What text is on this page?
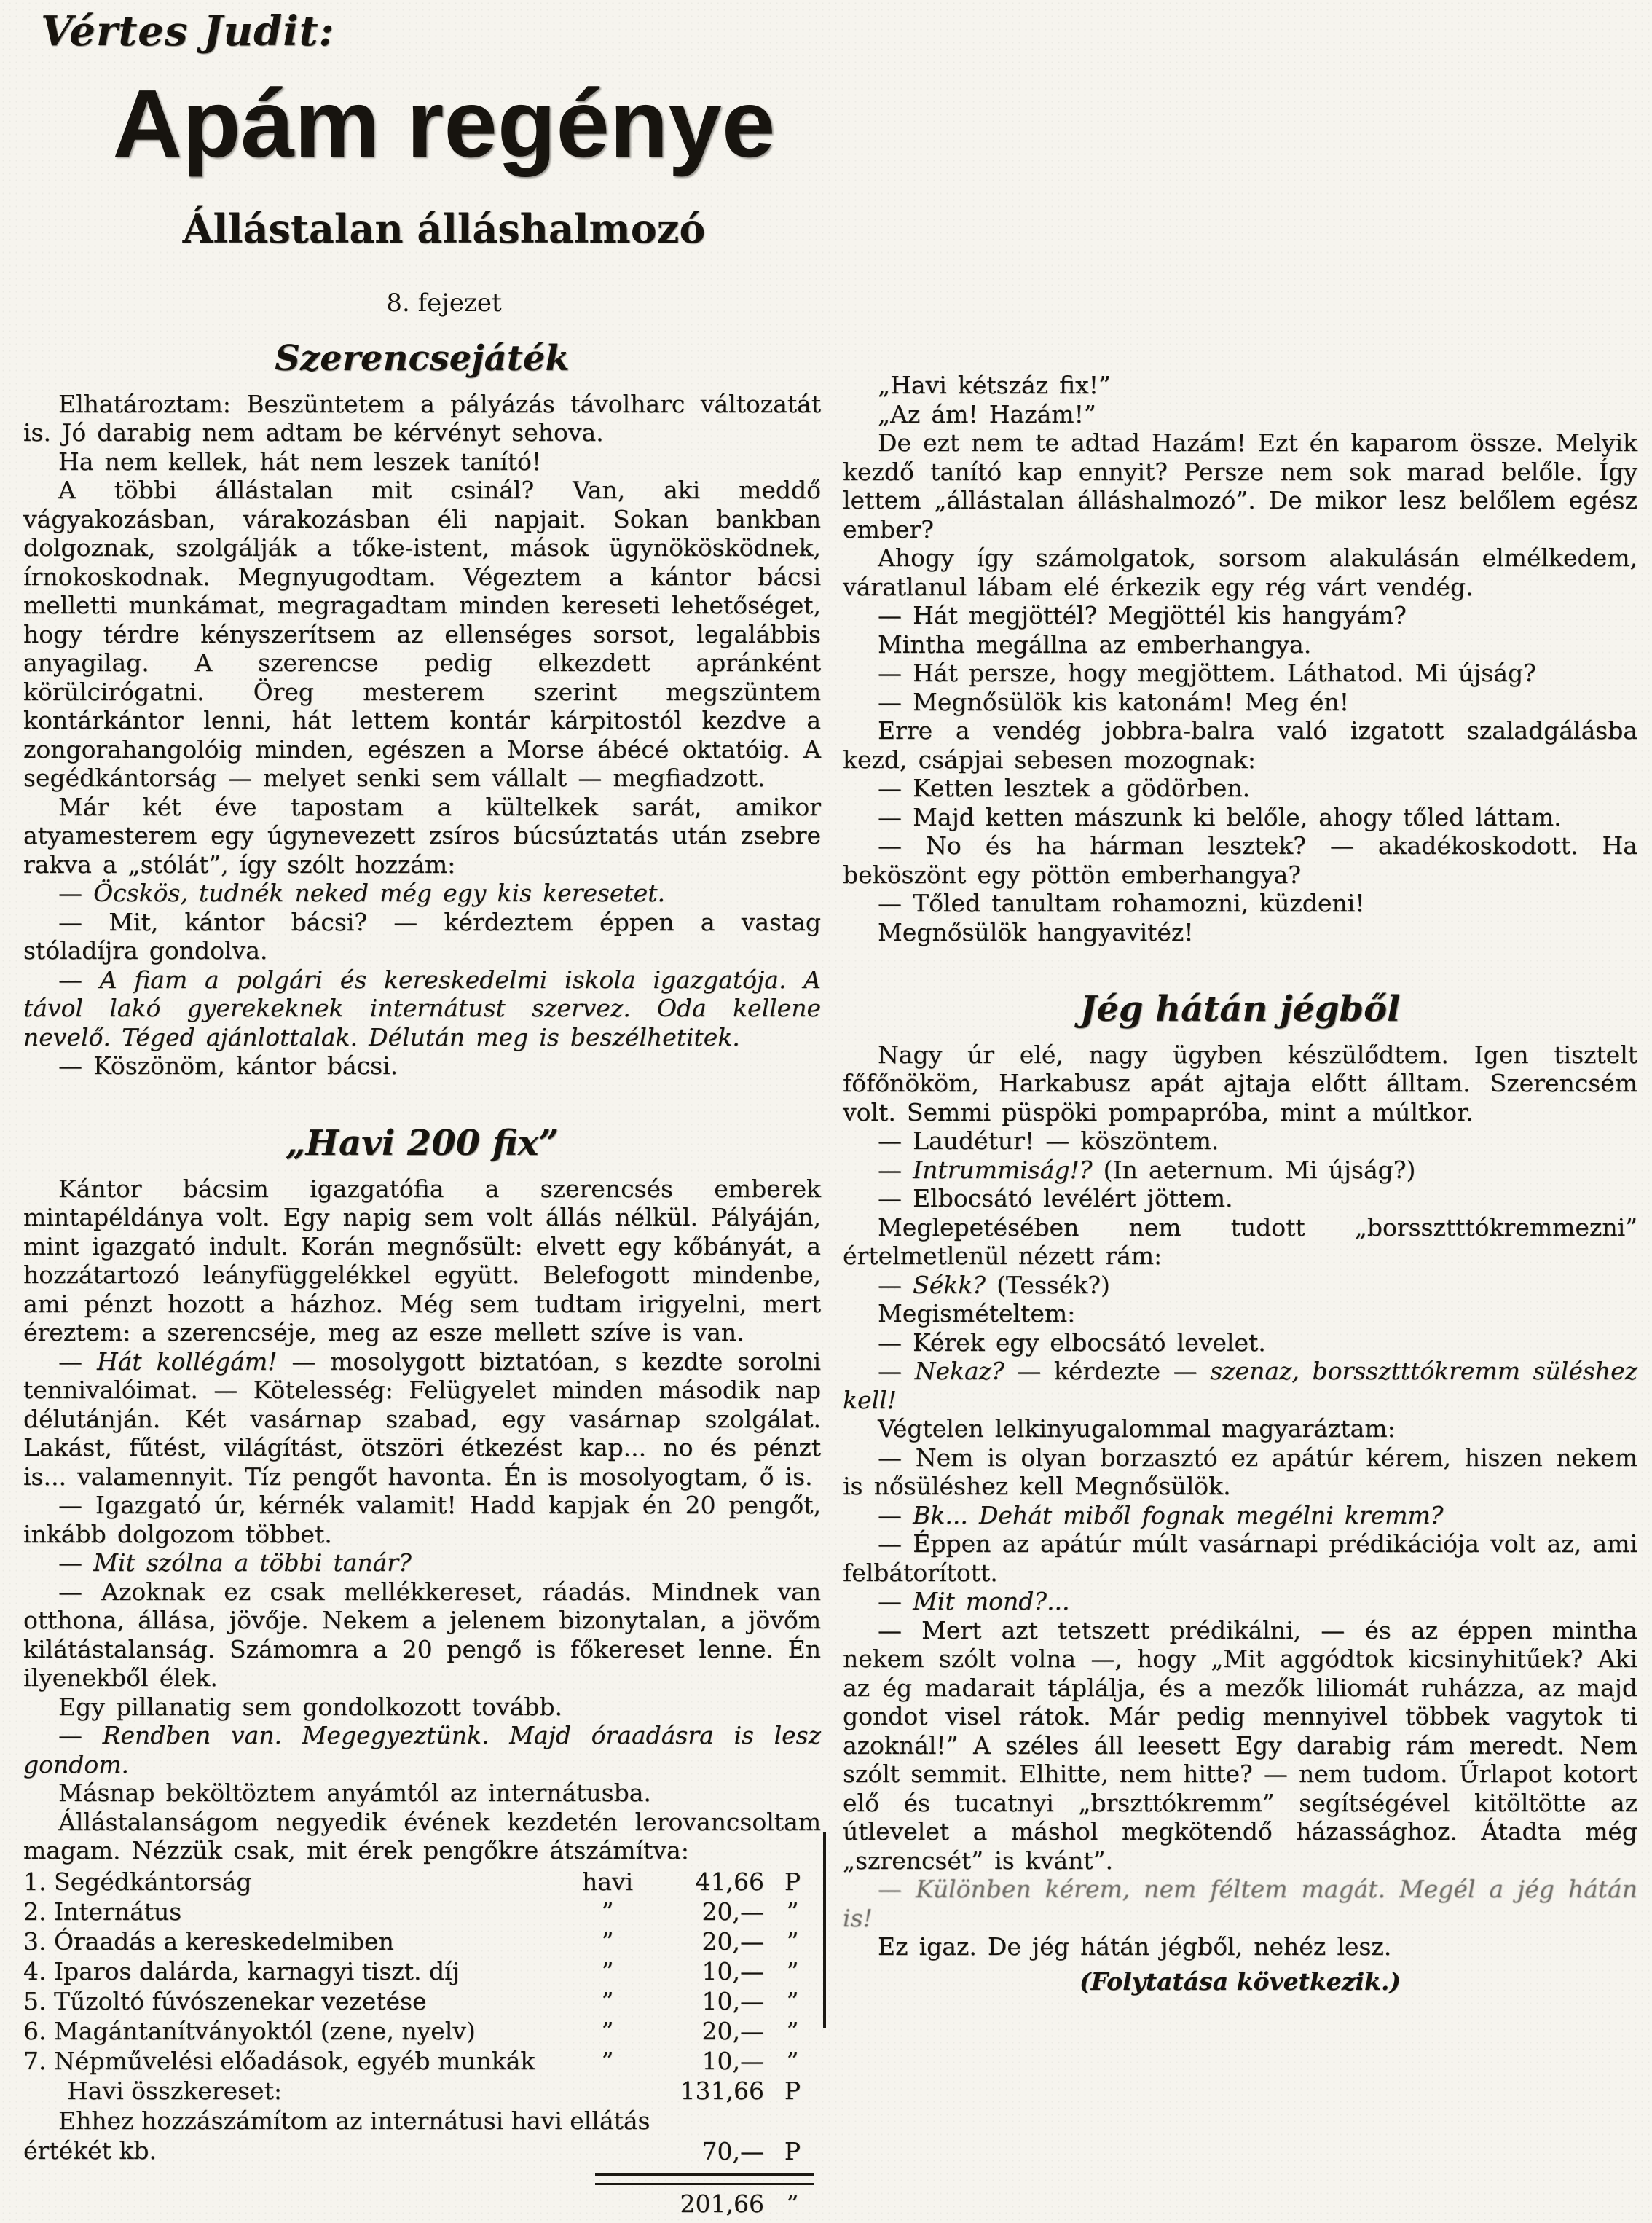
Vértes Judit:
Apám regénye
Állástalan álláshalmozó
8. fejezet
Szerencsejáték

Elhatároztam: Beszüntetem a pályázás távolharc változatát is. Jó darabig nem adtam be kérvényt sehova.

Ha nem kellek, hát nem leszek tanító!

A többi állástalan mit csinál? Van, aki meddő vágyakozásban, várakozásban éli napjait. Sokan bankban dolgoznak, szolgálják a tőke-istent, mások ügynökösködnek, írnokoskodnak. Megnyugodtam. Végeztem a kántor bácsi melletti munkámat, megragadtam minden kereseti lehetőséget, hogy térdre kényszerítsem az ellenséges sorsot, legalábbis anyagilag. A szerencse pedig elkezdett apránként körülcirógatni. Öreg mesterem szerint megszüntem kontárkántor lenni, hát lettem kontár kárpitostól kezdve a zongorahangolóig minden, egészen a Morse ábécé oktatóig. A segédkántorság — melyet senki sem vállalt — megfiadzott.

Már két éve tapostam a kültelkek sarát, amikor atyamesterem egy úgynevezett zsíros búcsúztatás után zsebre rakva a „stólát”, így szólt hozzám:

— Öcskös, tudnék neked még egy kis keresetet.

— Mit, kántor bácsi? — kérdeztem éppen a vastag stóladíjra gondolva.

— A fiam a polgári és kereskedelmi iskola igazgatója. A távol lakó gyerekeknek internátust szervez. Oda kellene nevelő. Téged ajánlottalak. Délután meg is beszélhetitek.

— Köszönöm, kántor bácsi.

„Havi 200 fix”

Kántor bácsim igazgatófia a szerencsés emberek mintapéldánya volt. Egy napig sem volt állás nélkül. Pályáján, mint igazgató indult. Korán megnősült: elvett egy kőbányát, a hozzátartozó leányfüggelékkel együtt. Belefogott mindenbe, ami pénzt hozott a házhoz. Még sem tudtam irigyelni, mert éreztem: a szerencséje, meg az esze mellett szíve is van.

— Hát kollégám! — mosolygott biztatóan, s kezdte sorolni tennivalóimat. — Kötelesség: Felügyelet minden második nap délutánján. Két vasárnap szabad, egy vasárnap szolgálat. Lakást, fűtést, világítást, ötszöri étkezést kap... no és pénzt is... valamennyit. Tíz pengőt havonta. Én is mosolyogtam, ő is.

— Igazgató úr, kérnék valamit! Hadd kapjak én 20 pengőt, inkább dolgozom többet.

— Mit szólna a többi tanár?

— Azoknak ez csak mellékkereset, ráadás. Mindnek van otthona, állása, jövője. Nekem a jelenem bizonytalan, a jövőm kilátástalanság. Számomra a 20 pengő is főkereset lenne. Én ilyenekből élek.

Egy pillanatig sem gondolkozott tovább.

— Rendben van. Megegyeztünk. Majd óraadásra is lesz gondom.

Másnap beköltöztem anyámtól az internátusba.

Állástalanságom negyedik évének kezdetén lerovancsoltam magam. Nézzük csak, mit érek pengőkre átszámítva:

1. Segédkántorság	havi	41,66 P
2. Internátus	”	20,— ”
3. Óraadás a kereskedelmiben	”	20,— ”
4. Iparos dalárda, karnagyi tiszt. díj	”	10,— ”
5. Tűzoltó fúvószenekar vezetése	”	10,— ”
6. Magántanítványoktól (zene, nyelv)	”	20,— ”
7. Népművelési előadások, egyéb munkák	”	10,— ”
Havi összkereset:	131,66 P

Ehhez hozzászámítom az internátusi havi ellátás értékét kb.	70,— P
201,66 ”

„Havi kétszáz fix!”

„Az ám! Hazám!”

De ezt nem te adtad Hazám! Ezt én kaparom össze. Melyik kezdő tanító kap ennyit? Persze nem sok marad belőle. Így lettem „állástalan álláshalmozó”. De mikor lesz belőlem egész ember?

Ahogy így számolgatok, sorsom alakulásán elmélkedem, váratlanul lábam elé érkezik egy rég várt vendég.

— Hát megjöttél? Megjöttél kis hangyám?

Mintha megállna az emberhangya.

— Hát persze, hogy megjöttem. Láthatod. Mi újság?

— Megnősülök kis katonám! Meg én!

Erre a vendég jobbra-balra való izgatott szaladgálásba kezd, csápjai sebesen mozognak:

— Ketten lesztek a gödörben.

— Majd ketten mászunk ki belőle, ahogy tőled láttam.

— No és ha hárman lesztek? — akadékoskodott. Ha beköszönt egy pöttön emberhangya?

— Tőled tanultam rohamozni, küzdeni!

Megnősülök hangyavitéz!

Jég hátán jégből

Nagy úr elé, nagy ügyben készülődtem. Igen tisztelt főfőnököm, Harkabusz apát ajtaja előtt álltam. Szerencsém volt. Semmi püspöki pompapróba, mint a múltkor.

— Laudétur! — köszöntem.

— Intrummiság!? (In aeternum. Mi újság?)

— Elbocsátó levélért jöttem.

Meglepetésében nem tudott „borssztttókremmezni” értelmetlenül nézett rám:

— Sékk? (Tessék?)

Megismételtem:

— Kérek egy elbocsátó levelet.

— Nekaz? — kérdezte — szenaz, borssztttókremm süléshez kell!

Végtelen lelkinyugalommal magyaráztam:

— Nem is olyan borzasztó ez apátúr kérem, hiszen nekem is nősüléshez kell Megnősülök.

— Bk... Dehát miből fognak megélni kremm?

— Éppen az apátúr múlt vasárnapi prédikációja volt az, ami felbátorított.

— Mit mond?...

— Mert azt tetszett prédikálni, — és az éppen mintha nekem szólt volna —, hogy „Mit aggódtok kicsinyhitűek? Aki az ég madarait táplálja, és a mezők liliomát ruházza, az majd gondot visel rátok. Már pedig mennyivel többek vagytok ti azoknál!” A széles áll leesett Egy darabig rám meredt. Nem szólt semmit. Elhitte, nem hitte? — nem tudom. Űrlapot kotort elő és tucatnyi „brszttókremm” segítségével kitöltötte az útlevelet a máshol megkötendő házassághoz. Átadta még „szrencsét” is kvánt”.

— Különben kérem, nem féltem magát. Megél a jég hátán is!

Ez igaz. De jég hátán jégből, nehéz lesz.

(Folytatása következik.)
